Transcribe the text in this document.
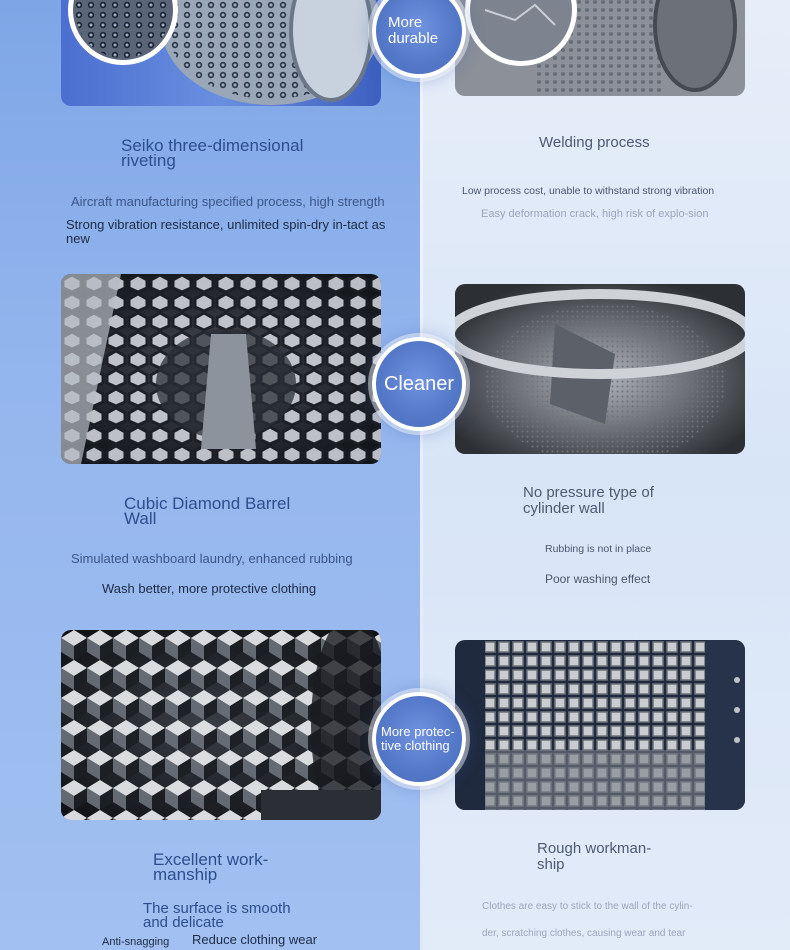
More durable

Seiko three-dimensional riveting

Aircraft manufacturing specified process, high strength

Strong vibration resistance, unlimited spin-dry in-tact as new

Welding process

Low process cost, unable to withstand strong vibration

Easy deformation crack, high risk of explo-sion

Cleaner

Cubic Diamond Barrel Wall

Simulated washboard laundry, enhanced rubbing

Wash better, more protective clothing

No pressure type of cylinder wall

Rubbing is not in place

Poor washing effect

More protec-tive clothing

Excellent work-manship

The surface is smooth and delicate

Anti-snagging Reduce clothing wear

Rough workman-ship

Clothes are easy to stick to the wall of the cylin-

der, scratching clothes, causing wear and tear
